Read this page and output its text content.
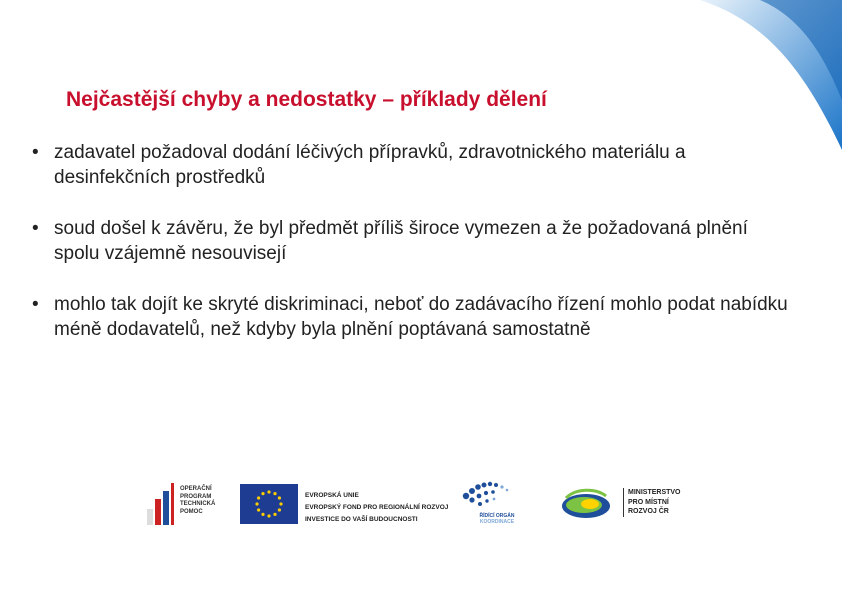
Nejčastější chyby a nedostatky – příklady dělení
• zadavatel požadoval dodání léčivých přípravků, zdravotnického materiálu a desinfekčních prostředků
• soud došel k závěru, že byl předmět příliš široce vymezen a že požadovaná plnění spolu vzájemně nesouvisejí
• mohlo tak dojít ke skryté diskriminaci, neboť do zadávacího řízení mohlo podat nabídku méně dodavatelů, než kdyby byla plnění poptávaná samostatně
OPERAČNÍ
PROGRAM
TECHNICKÁ
POMOC
EVROPSKÁ UNIE
EVROPSKÝ FOND PRO REGIONÁLNÍ ROZVOJ
INVESTICE DO VAŠÍ BUDOUCNOSTI	ŘÍDÍCÍ ORGÁN
KOORDINACE
MINISTERSTVO
PRO MÍSTNÍ
ROZVOJ ČR
